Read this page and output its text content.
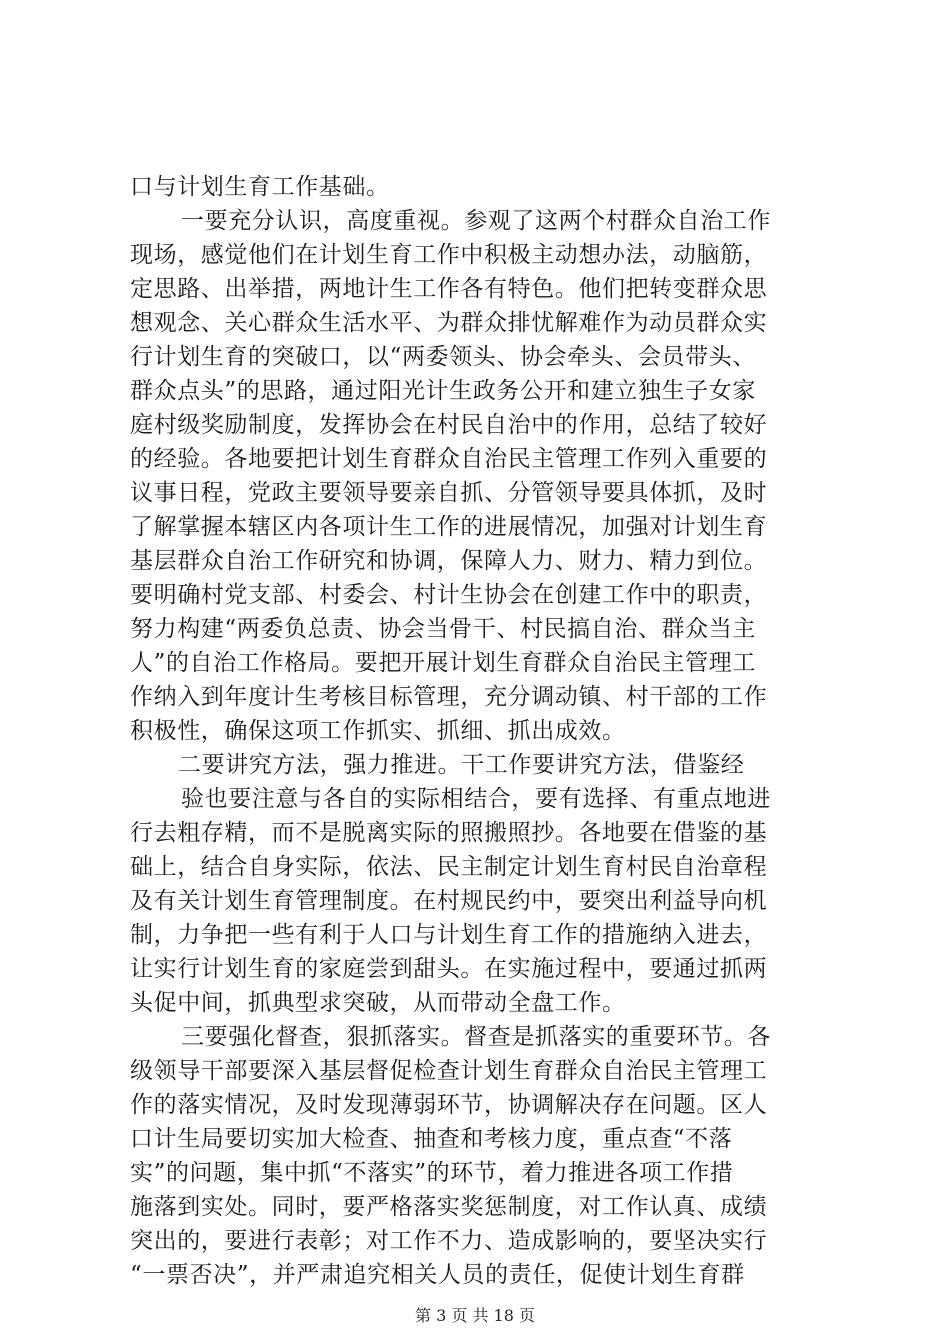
口与计划生育工作基础。
一要充分认识，高度重视。参观了这两个村群众自治工作
现场，感觉他们在计划生育工作中积极主动想办法，动脑筋，
定思路、出举措，两地计生工作各有特色。他们把转变群众思
想观念、关心群众生活水平、为群众排忧解难作为动员群众实
行计划生育的突破口，以“两委领头、协会牵头、会员带头、
群众点头”的思路，通过阳光计生政务公开和建立独生子女家
庭村级奖励制度，发挥协会在村民自治中的作用，总结了较好
的经验。各地要把计划生育群众自治民主管理工作列入重要的
议事日程，党政主要领导要亲自抓、分管领导要具体抓，及时
了解掌握本辖区内各项计生工作的进展情况，加强对计划生育
基层群众自治工作研究和协调，保障人力、财力、精力到位。
要明确村党支部、村委会、村计生协会在创建工作中的职责，
努力构建“两委负总责、协会当骨干、村民搞自治、群众当主
人”的自治工作格局。要把开展计划生育群众自治民主管理工
作纳入到年度计生考核目标管理，充分调动镇、村干部的工作
积极性，确保这项工作抓实、抓细、抓出成效。
二要讲究方法，强力推进。干工作要讲究方法，借鉴经
验也要注意与各自的实际相结合，要有选择、有重点地进
行去粗存精，而不是脱离实际的照搬照抄。各地要在借鉴的基
础上，结合自身实际，依法、民主制定计划生育村民自治章程
及有关计划生育管理制度。在村规民约中，要突出利益导向机
制，力争把一些有利于人口与计划生育工作的措施纳入进去，
让实行计划生育的家庭尝到甜头。在实施过程中，要通过抓两
头促中间，抓典型求突破，从而带动全盘工作。
三要强化督查，狠抓落实。督查是抓落实的重要环节。各
级领导干部要深入基层督促检查计划生育群众自治民主管理工
作的落实情况，及时发现薄弱环节，协调解决存在问题。区人
口计生局要切实加大检查、抽查和考核力度，重点查“不落
实”的问题，集中抓“不落实”的环节，着力推进各项工作措
施落到实处。同时，要严格落实奖惩制度，对工作认真、成绩
突出的，要进行表彰；对工作不力、造成影响的，要坚决实行
“一票否决”，并严肃追究相关人员的责任，促使计划生育群
第 3 页 共 18 页
